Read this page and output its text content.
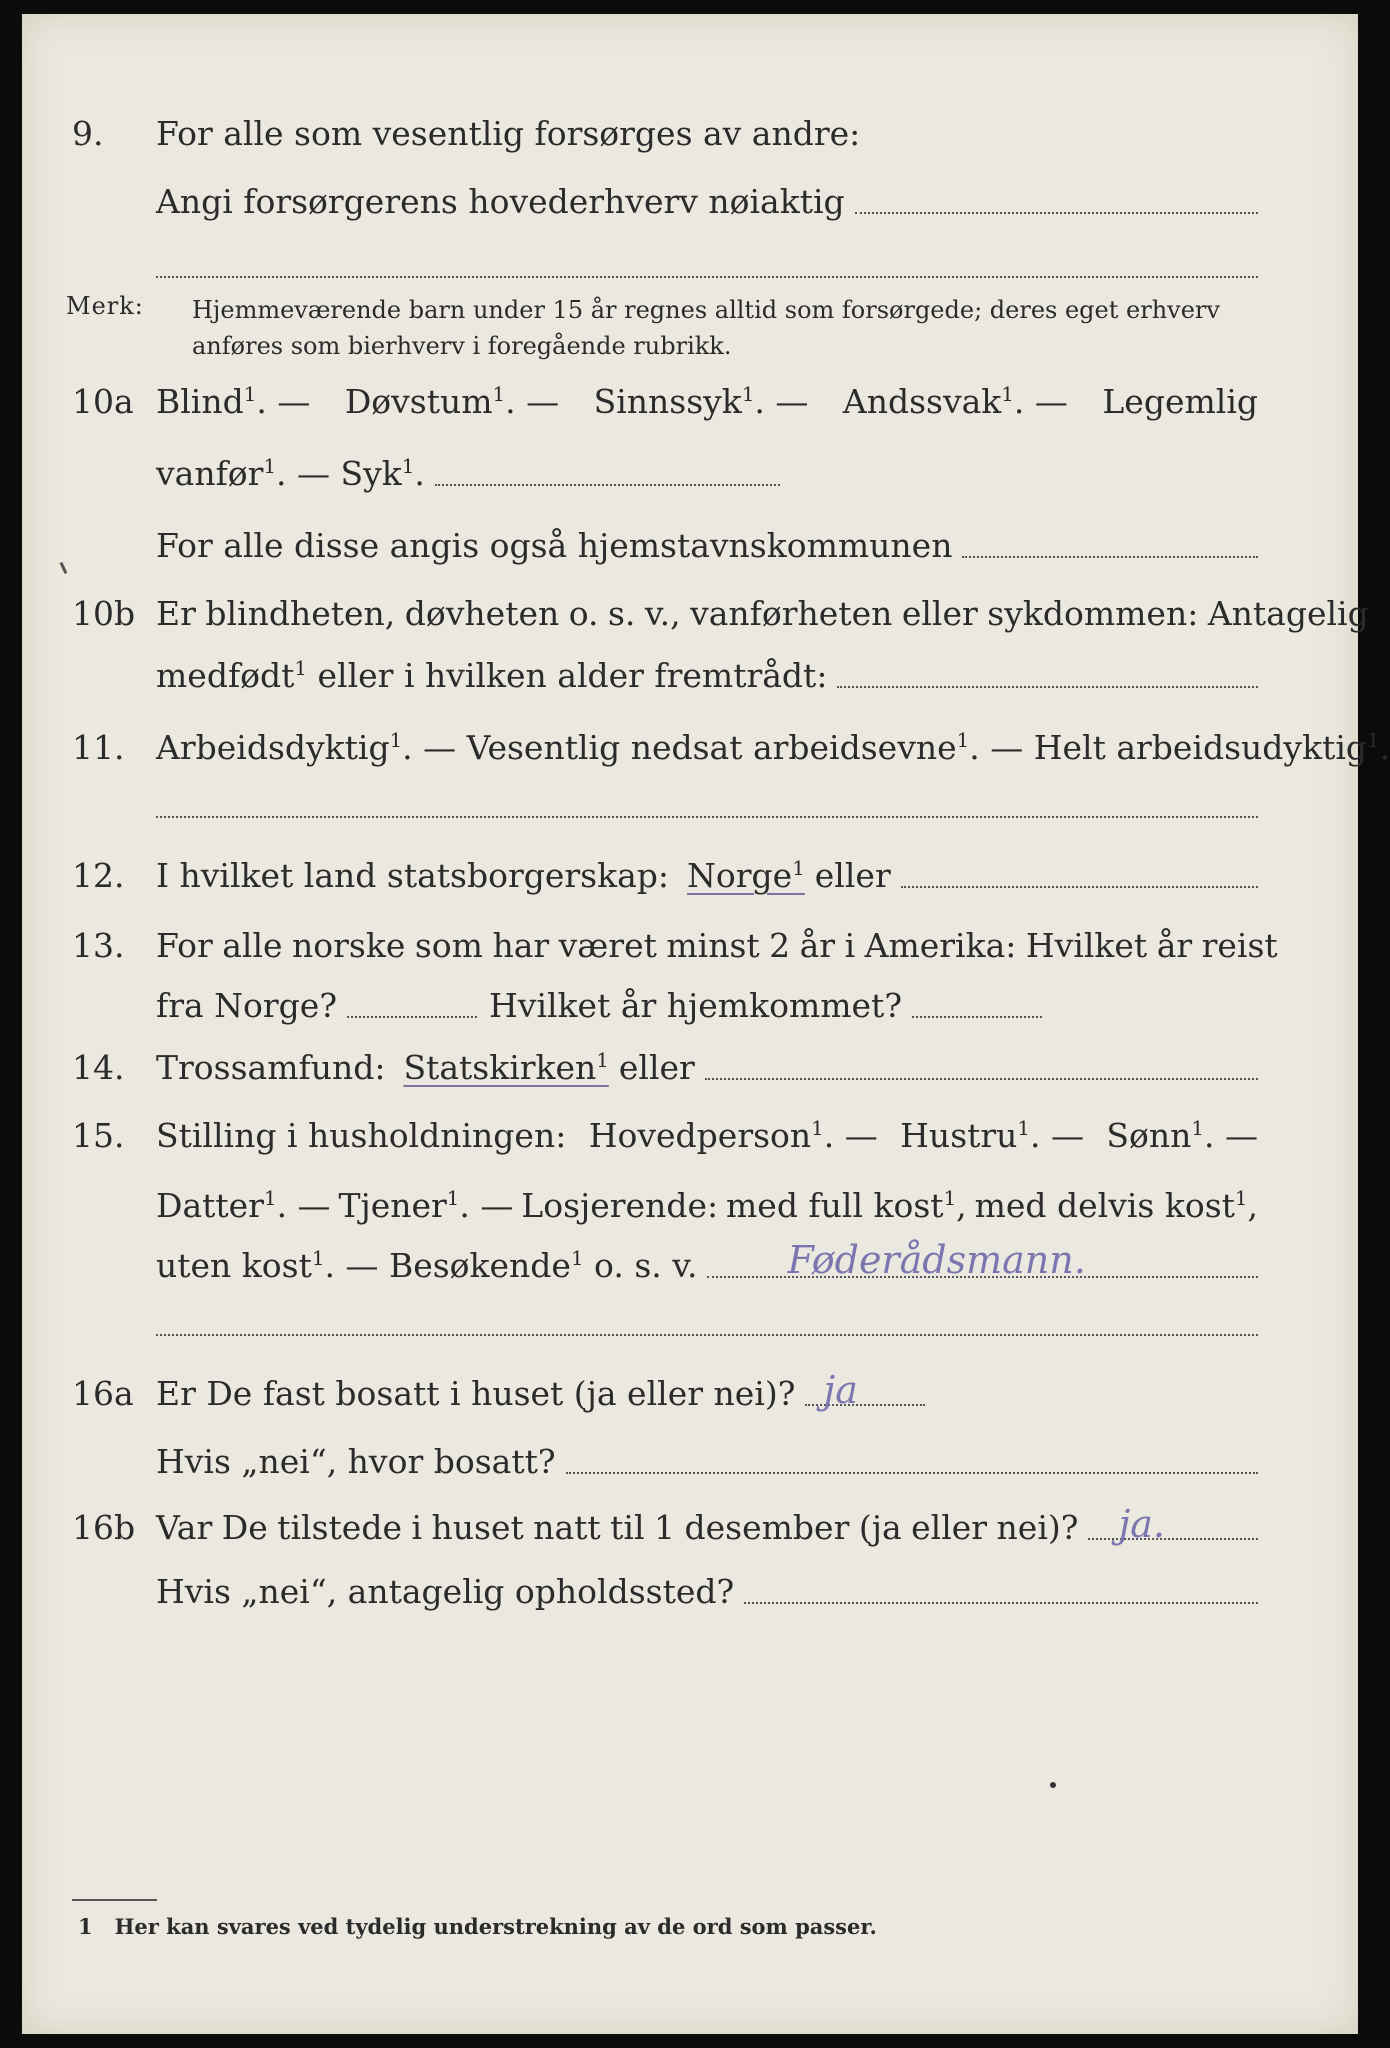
9. For alle som vesentlig forsørges av andre:
Angi forsørgerens hovederhverv nøiaktig
Merk: Hjemmeværende barn under 15 år regnes alltid som forsørgede; deres eget erhverv anføres som bierhverv i foregående rubrikk.
10a Blind$^1$. — Døvstum$^1$. — Sinnssyk$^1$. — Andssvak$^1$. — Legemlig
vanfør$^1$. — Syk$^1$.
For alle disse angis også hjemstavnskommunen
10b Er blindheten, døvheten o. s. v., vanførheten eller sykdommen: Antagelig
medfødt$^1$ eller i hvilken alder fremtrådt:
11. Arbeidsdyktig$^1$. — Vesentlig nedsat arbeidsevne$^1$. — Helt arbeidsudyktig$^1$.
12. I hvilket land statsborgerskap: Norge$^1$ eller
13. For alle norske som har været minst 2 år i Amerika: Hvilket år reist
fra Norge?	Hvilket år hjemkommet?
14. Trossamfund: Statskirken$^1$ eller
15. Stilling i husholdningen: Hovedperson$^1$. — Hustru$^1$. — Sønn$^1$. —
Datter$^1$. — Tjener$^1$. — Losjerende: med full kost$^1$, med delvis kost$^1$,
uten kost$^1$. — Besøkende$^1$ o. s. v. Føderådsmann.
16a Er De fast bosatt i huset (ja eller nei)? ja
Hvis „nei“, hvor bosatt?
16b Var De tilstede i huset natt til 1 desember (ja eller nei)? ja.
Hvis „nei“, antagelig opholdssted?
1 Her kan svares ved tydelig understrekning av de ord som passer.
